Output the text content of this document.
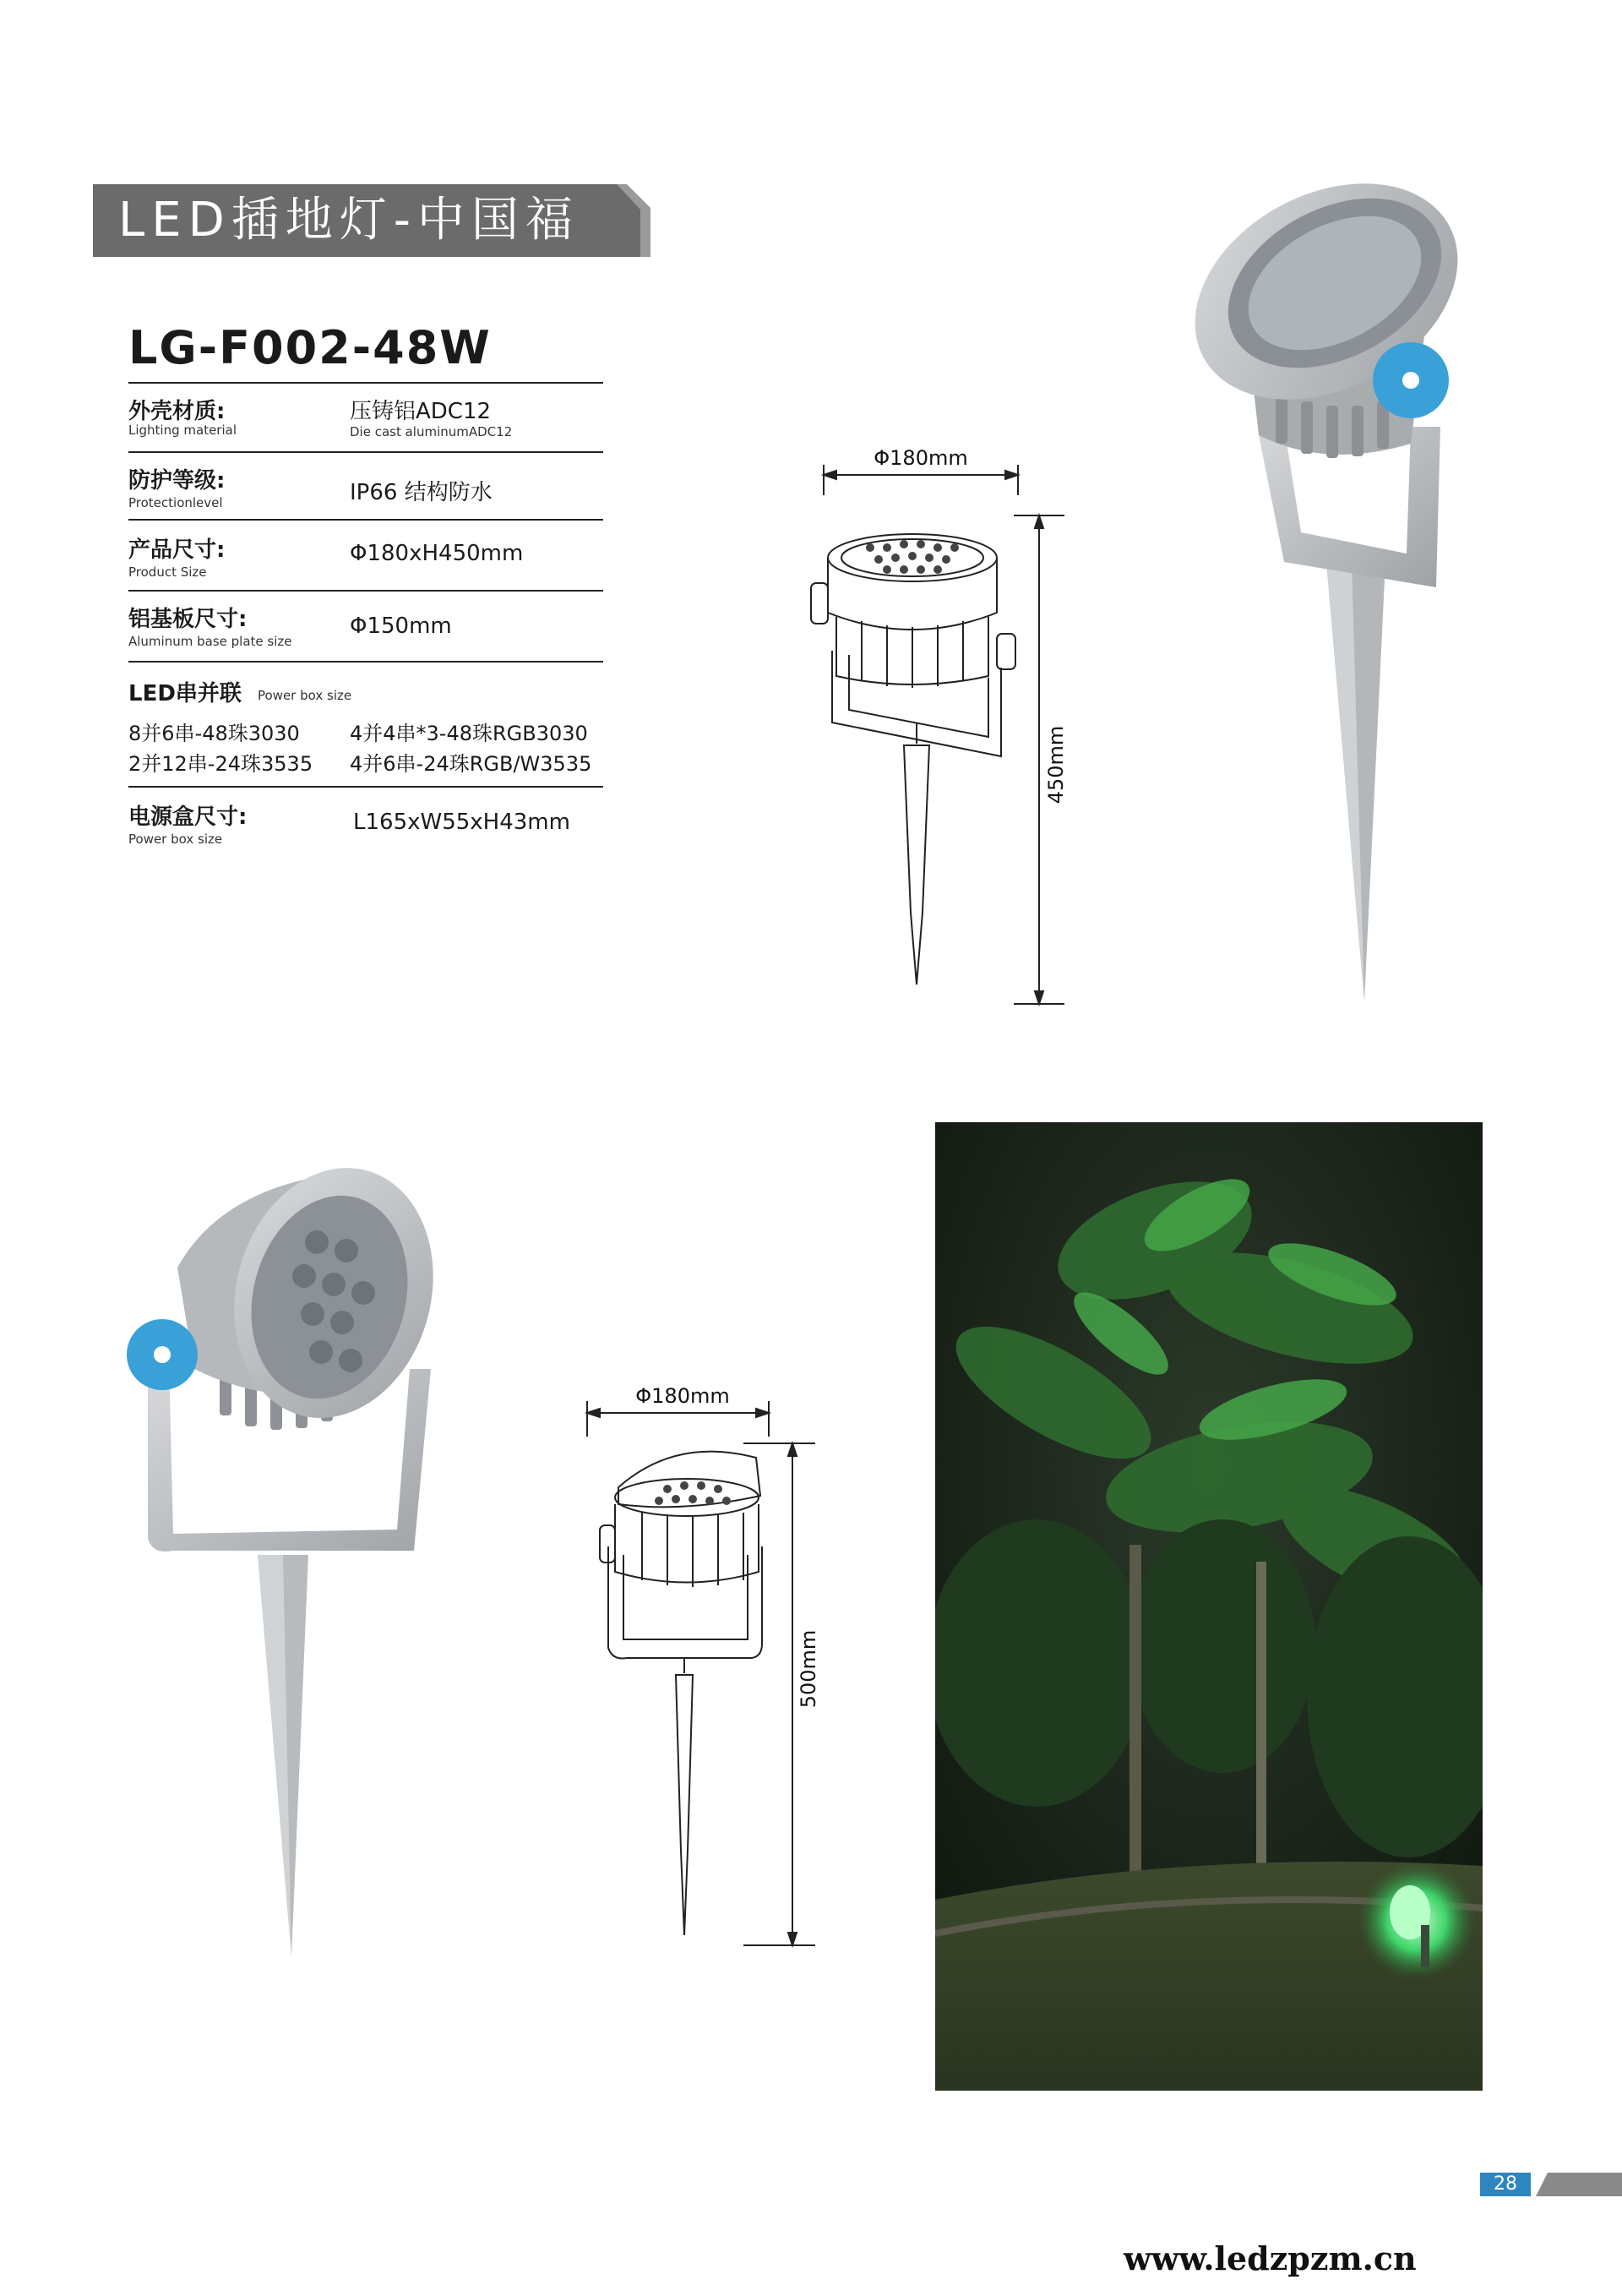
LED插地灯-中国福
LG-F002-48W
外壳材质:
Lighting material
压铸铝ADC12
Die cast aluminumADC12
防护等级:
Protectionlevel	IP66 结构防水
产品尺寸:
Product Size
Φ180xH450mm
铝基板尺寸:
Aluminum base plate size
Φ150mm
LED串并联 Power box size
8并6串-48珠3030 4并4串*3-48珠RGB3030
2并12串-24珠3535 4并6串-24珠RGB/W3535
电源盒尺寸:
Power box size
L165xW55xH43mm
Φ180mm
450mm
Φ180mm
500mm
28
www.ledzpzm.cn
